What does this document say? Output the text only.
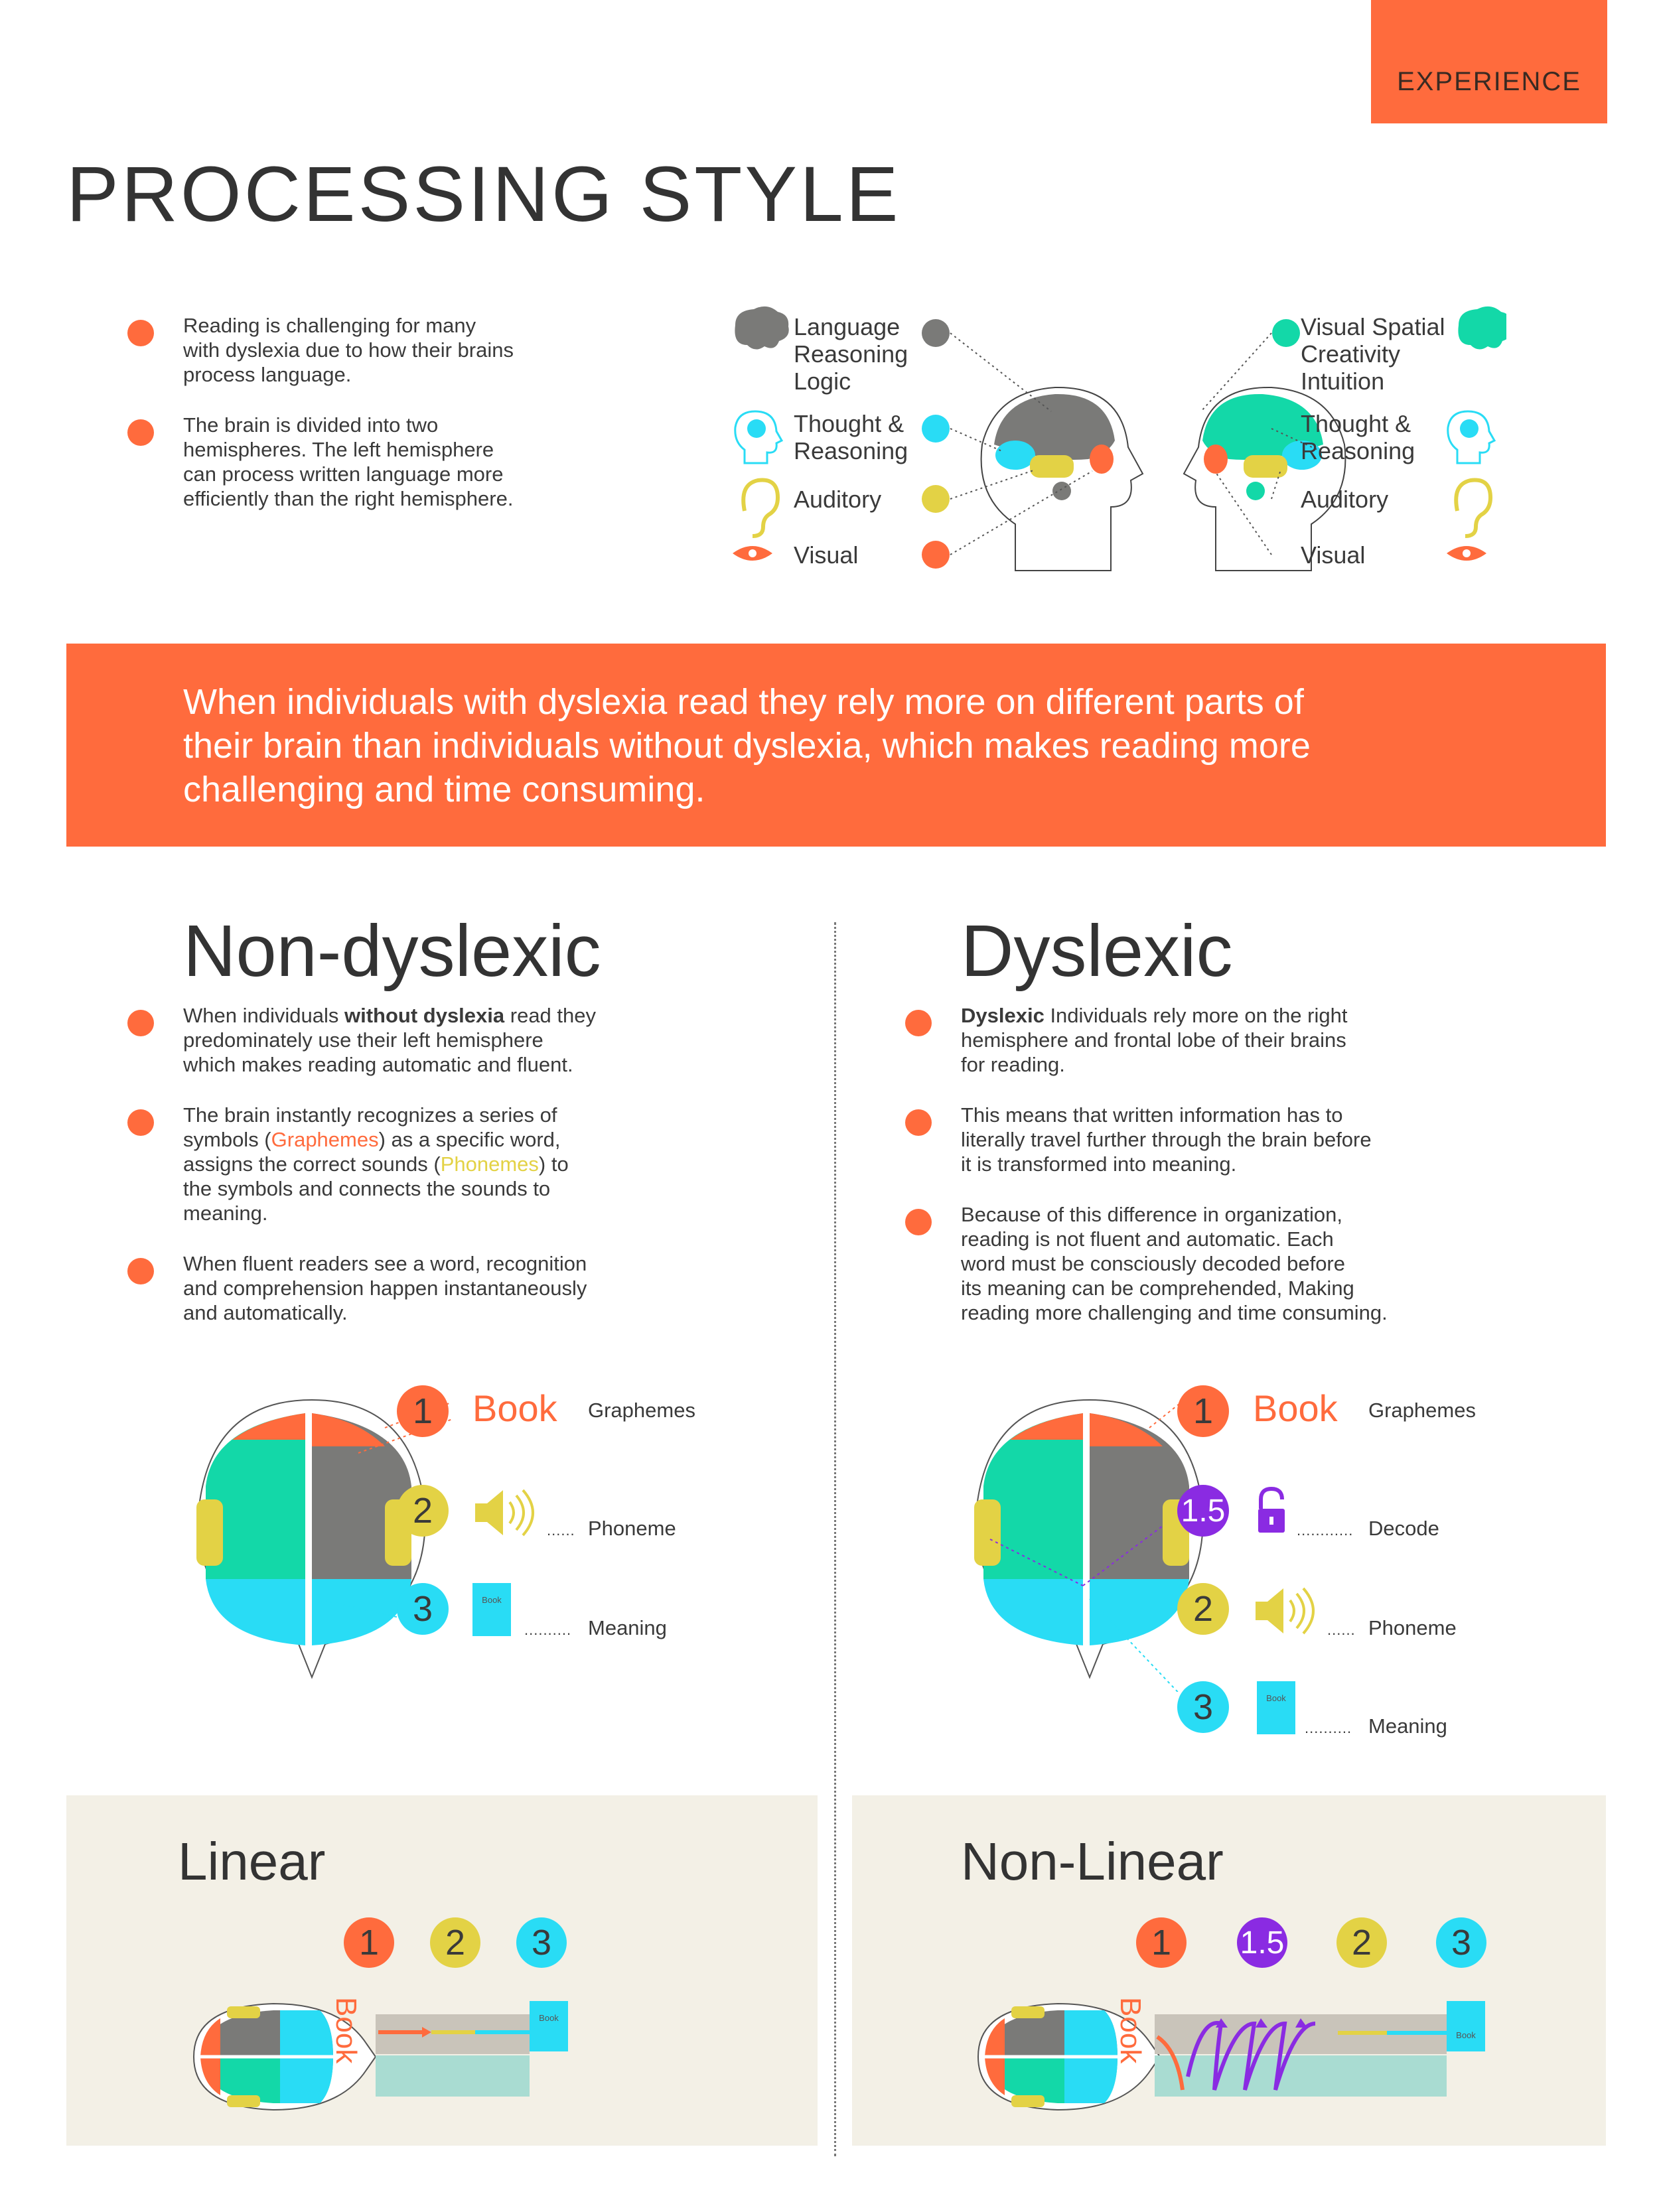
EXPERIENCE
PROCESSING STYLE
Reading is challenging for many
with dyslexia due to how their brains
process language.
The brain is divided into two
hemispheres. The left hemisphere
can process written language more
efficiently than the right hemisphere.
Language
Reasoning
Logic
Thought &
Reasoning
Auditory
Visual
Visual Spatial
Creativity
Intuition
Thought &
Reasoning
Auditory
Visual
When individuals with dyslexia read they rely more on different parts of
their brain than individuals without dyslexia, which makes reading more
challenging and time consuming.
Non-dyslexic
When individuals without dyslexia read they
predominately use their left hemisphere
which makes reading automatic and fluent.
The brain instantly recognizes a series of
symbols (Graphemes) as a specific word,
assigns the correct sounds (Phonemes) to
the symbols and connects the sounds to
meaning.
When fluent readers see a word, recognition
and comprehension happen instantaneously
and automatically.
1	Book Graphemes
2	...... Phoneme
3	Book
.......... Meaning
Dyslexic
Dyslexic Individuals rely more on the right
hemisphere and frontal lobe of their brains
for reading.
This means that written information has to
literally travel further through the brain before
it is transformed into meaning.
Because of this difference in organization,
reading is not fluent and automatic. Each
word must be consciously decoded before
its meaning can be comprehended, Making
reading more challenging and time consuming.
1	Book Graphemes
1.5
............ Decode
2
...... Phoneme
3	Book
.......... Meaning
Linear
1	2	3
Book	Book
Non-Linear
1	1.5	2	3
Book	Book
